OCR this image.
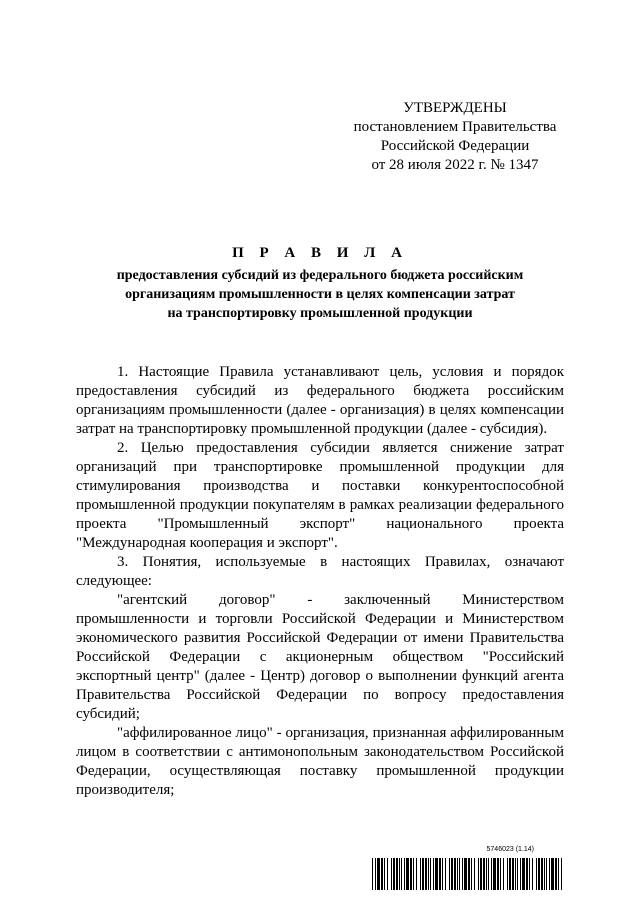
УТВЕРЖДЕНЫ
постановлением Правительства
Российской Федерации
от 28 июля 2022 г. № 1347
П Р А В И Л А
предоставления субсидий из федерального бюджета российским
организациям промышленности в целях компенсации затрат
на транспортировку промышленной продукции

1. Настоящие Правила устанавливают цель, условия и порядок предоставления субсидий из федерального бюджета российским организациям промышленности (далее - организация) в целях компенсации затрат на транспортировку промышленной продукции (далее - субсидия).

2. Целью предоставления субсидии является снижение затрат организаций при транспортировке промышленной продукции для стимулирования производства и поставки конкурентоспособной промышленной продукции покупателям в рамках реализации федерального проекта "Промышленный экспорт" национального проекта "Международная кооперация и экспорт".

3. Понятия, используемые в настоящих Правилах, означают следующее:

"агентский договор" - заключенный Министерством промышленности и торговли Российской Федерации и Министерством экономического развития Российской Федерации от имени Правительства Российской Федерации с акционерным обществом "Российский экспортный центр" (далее - Центр) договор о выполнении функций агента Правительства Российской Федерации по вопросу предоставления субсидий;

"аффилированное лицо" - организация, признанная аффилированным лицом в соответствии с антимонопольным законодательством Российской Федерации, осуществляющая поставку промышленной продукции производителя;

5746023 (1.14)
